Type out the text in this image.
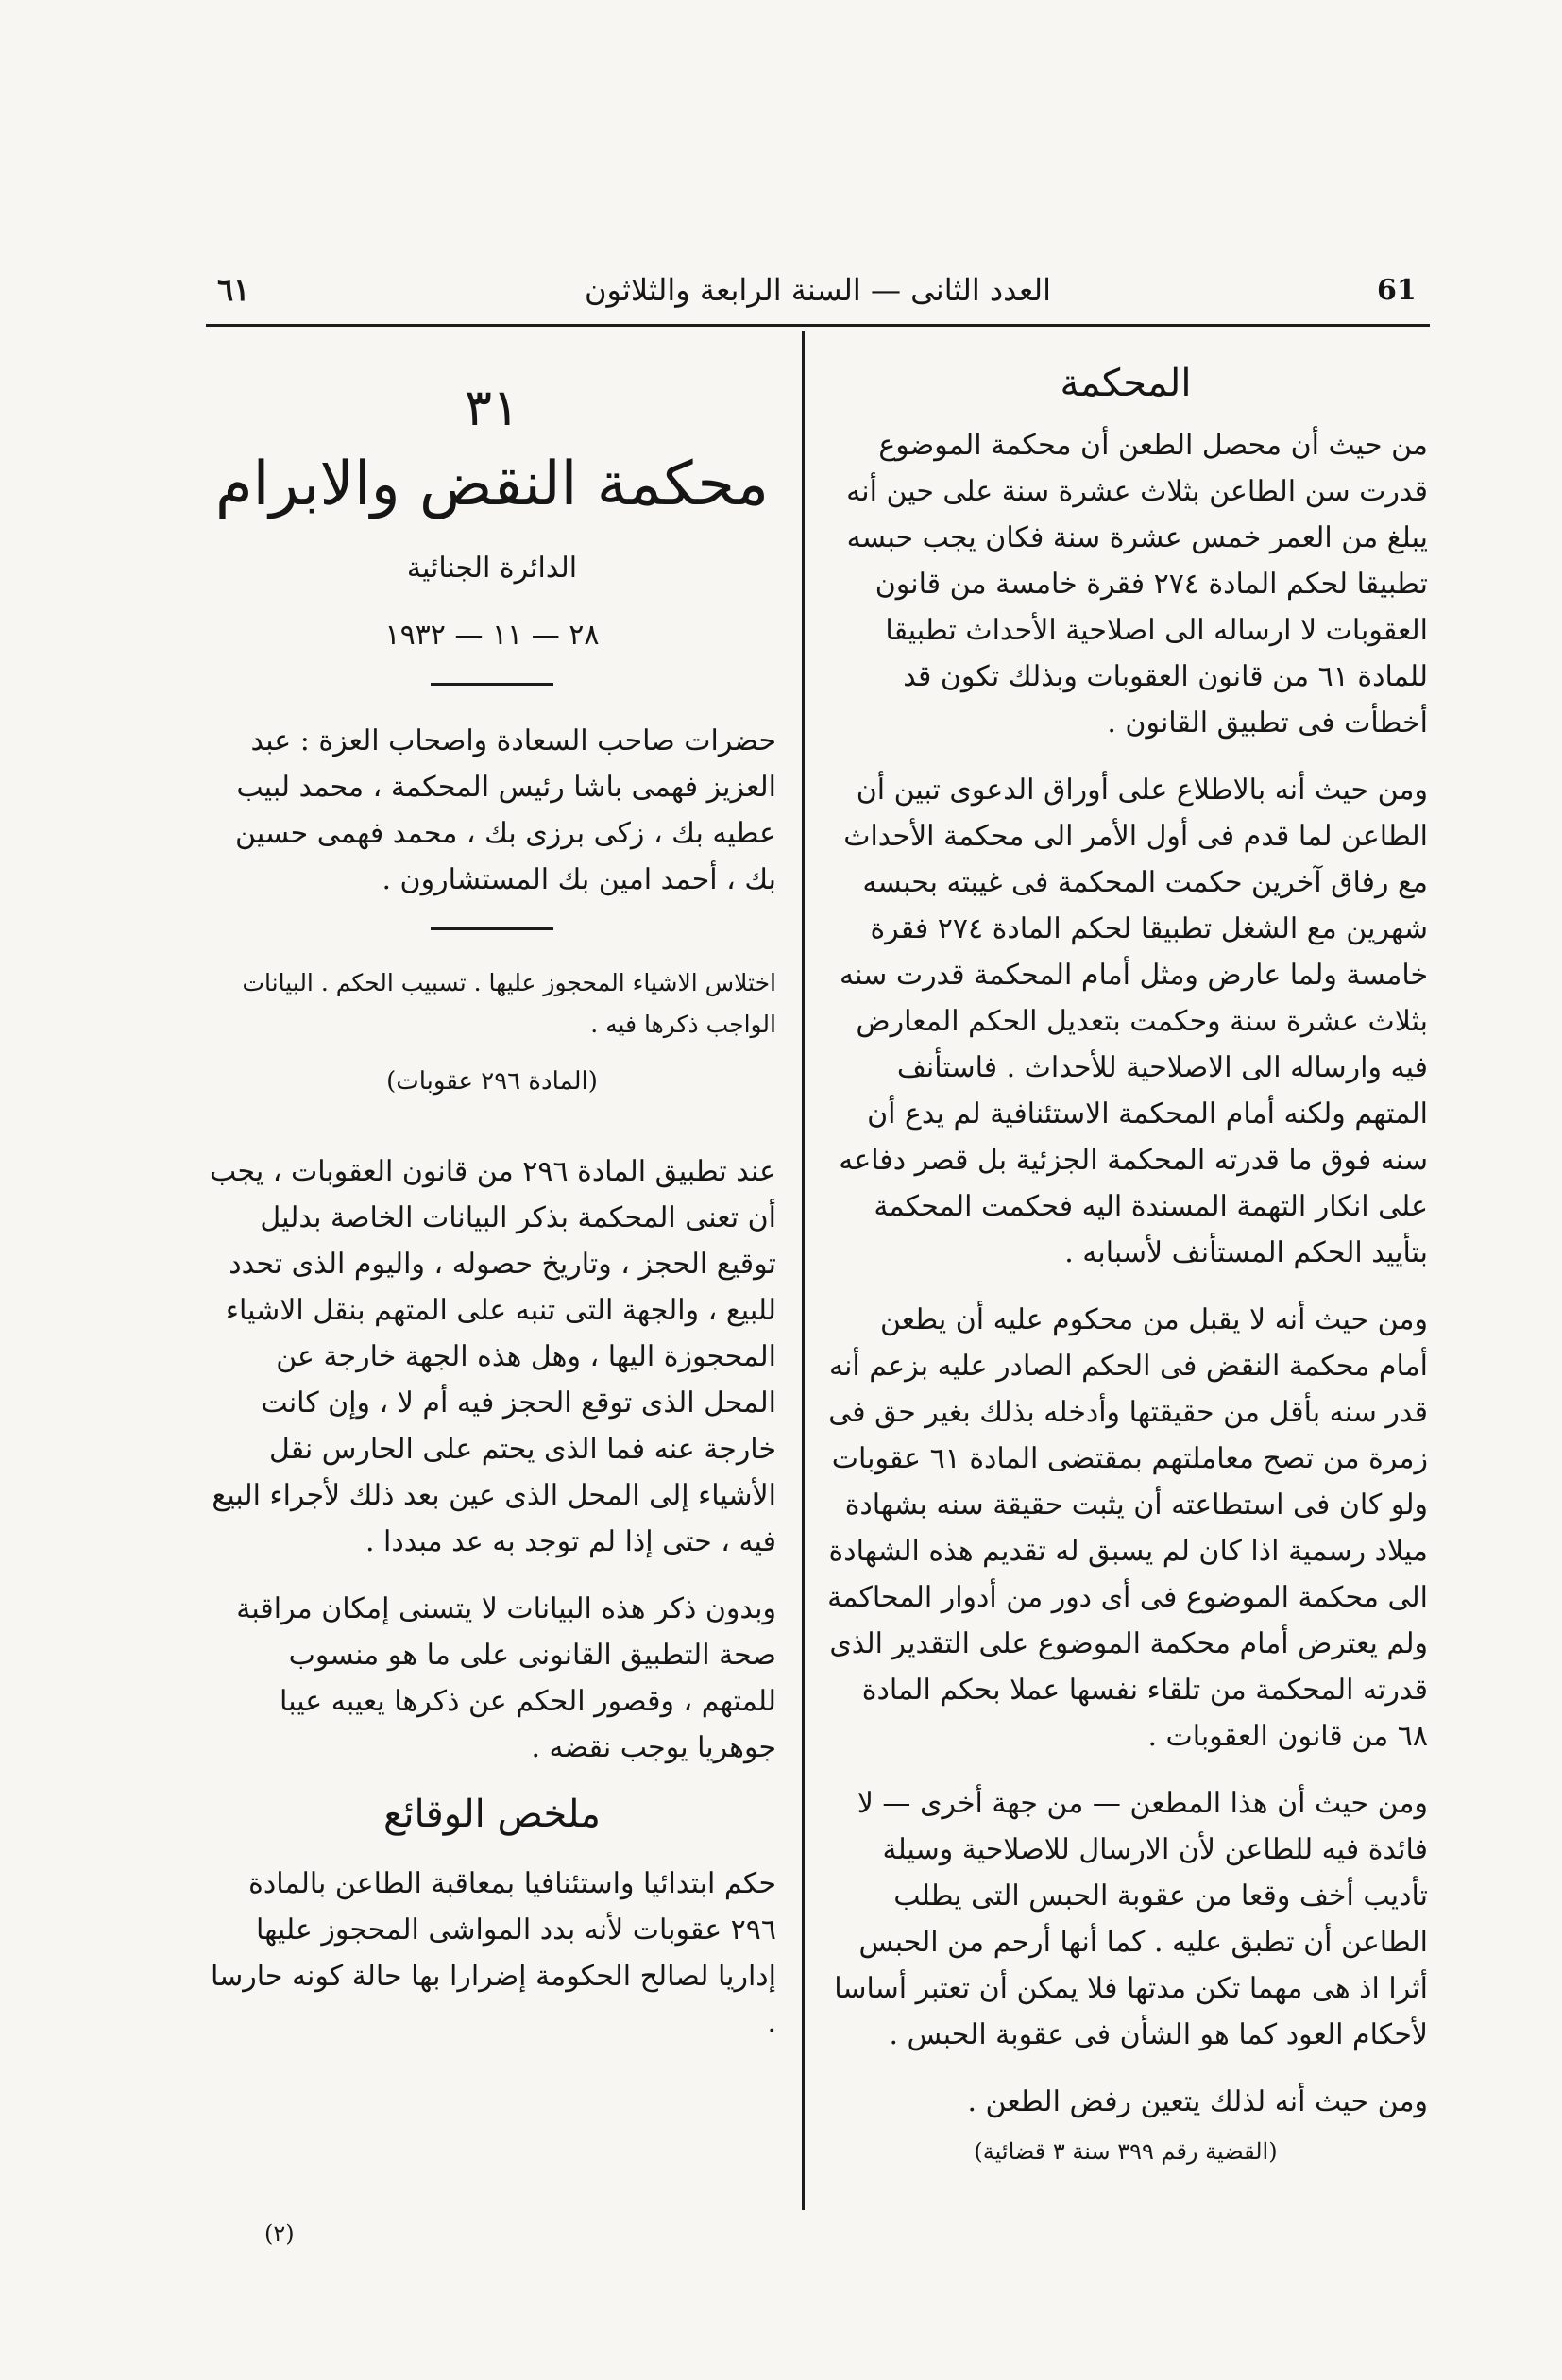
61
العدد الثانى — السنة الرابعة والثلاثون
٦١
المحكمة

من حيث أن محصل الطعن أن محكمة الموضوع قدرت سن الطاعن بثلاث عشرة سنة على حين أنه يبلغ من العمر خمس عشرة سنة فكان يجب حبسه تطبيقا لحكم المادة ٢٧٤ فقرة خامسة من قانون العقوبات لا ارساله الى اصلاحية الأحداث تطبيقا للمادة ٦١ من قانون العقوبات وبذلك تكون قد أخطأت فى تطبيق القانون .

ومن حيث أنه بالاطلاع على أوراق الدعوى تبين أن الطاعن لما قدم فى أول الأمر الى محكمة الأحداث مع رفاق آخرين حكمت المحكمة فى غيبته بحبسه شهرين مع الشغل تطبيقا لحكم المادة ٢٧٤ فقرة خامسة ولما عارض ومثل أمام المحكمة قدرت سنه بثلاث عشرة سنة وحكمت بتعديل الحكم المعارض فيه وارساله الى الاصلاحية للأحداث . فاستأنف المتهم ولكنه أمام المحكمة الاستئنافية لم يدع أن سنه فوق ما قدرته المحكمة الجزئية بل قصر دفاعه على انكار التهمة المسندة اليه فحكمت المحكمة بتأييد الحكم المستأنف لأسبابه .

ومن حيث أنه لا يقبل من محكوم عليه أن يطعن أمام محكمة النقض فى الحكم الصادر عليه بزعم أنه قدر سنه بأقل من حقيقتها وأدخله بذلك بغير حق فى زمرة من تصح معاملتهم بمقتضى المادة ٦١ عقوبات ولو كان فى استطاعته أن يثبت حقيقة سنه بشهادة ميلاد رسمية اذا كان لم يسبق له تقديم هذه الشهادة الى محكمة الموضوع فى أى دور من أدوار المحاكمة ولم يعترض أمام محكمة الموضوع على التقدير الذى قدرته المحكمة من تلقاء نفسها عملا بحكم المادة ٦٨ من قانون العقوبات .

ومن حيث أن هذا المطعن — من جهة أخرى — لا فائدة فيه للطاعن لأن الارسال للاصلاحية وسيلة تأديب أخف وقعا من عقوبة الحبس التى يطلب الطاعن أن تطبق عليه . كما أنها أرحم من الحبس أثرا اذ هى مهما تكن مدتها فلا يمكن أن تعتبر أساسا لأحكام العود كما هو الشأن فى عقوبة الحبس .

ومن حيث أنه لذلك يتعين رفض الطعن .

(القضية رقم ٣٩٩ سنة ٣ قضائية)
٣١
محكمة النقض والابرام
الدائرة الجنائية
٢٨ — ١١ — ١٩٣٢

حضرات صاحب السعادة واصحاب العزة : عبد العزيز فهمى باشا رئيس المحكمة ، محمد لبيب عطيه بك ، زكى برزى بك ، محمد فهمى حسين بك ، أحمد امين بك المستشارون .

اختلاس الاشياء المحجوز عليها . تسبيب الحكم . البيانات الواجب ذكرها فيه .
(المادة ٢٩٦ عقوبات)

عند تطبيق المادة ٢٩٦ من قانون العقوبات ، يجب أن تعنى المحكمة بذكر البيانات الخاصة بدليل توقيع الحجز ، وتاريخ حصوله ، واليوم الذى تحدد للبيع ، والجهة التى تنبه على المتهم بنقل الاشياء المحجوزة اليها ، وهل هذه الجهة خارجة عن المحل الذى توقع الحجز فيه أم لا ، وإن كانت خارجة عنه فما الذى يحتم على الحارس نقل الأشياء إلى المحل الذى عين بعد ذلك لأجراء البيع فيه ، حتى إذا لم توجد به عد مبددا .

وبدون ذكر هذه البيانات لا يتسنى إمكان مراقبة صحة التطبيق القانونى على ما هو منسوب للمتهم ، وقصور الحكم عن ذكرها يعيبه عيبا جوهريا يوجب نقضه .

ملخص الوقائع

حكم ابتدائيا واستئنافيا بمعاقبة الطاعن بالمادة ٢٩٦ عقوبات لأنه بدد المواشى المحجوز عليها إداريا لصالح الحكومة إضرارا بها حالة كونه حارسا .

(٢)
